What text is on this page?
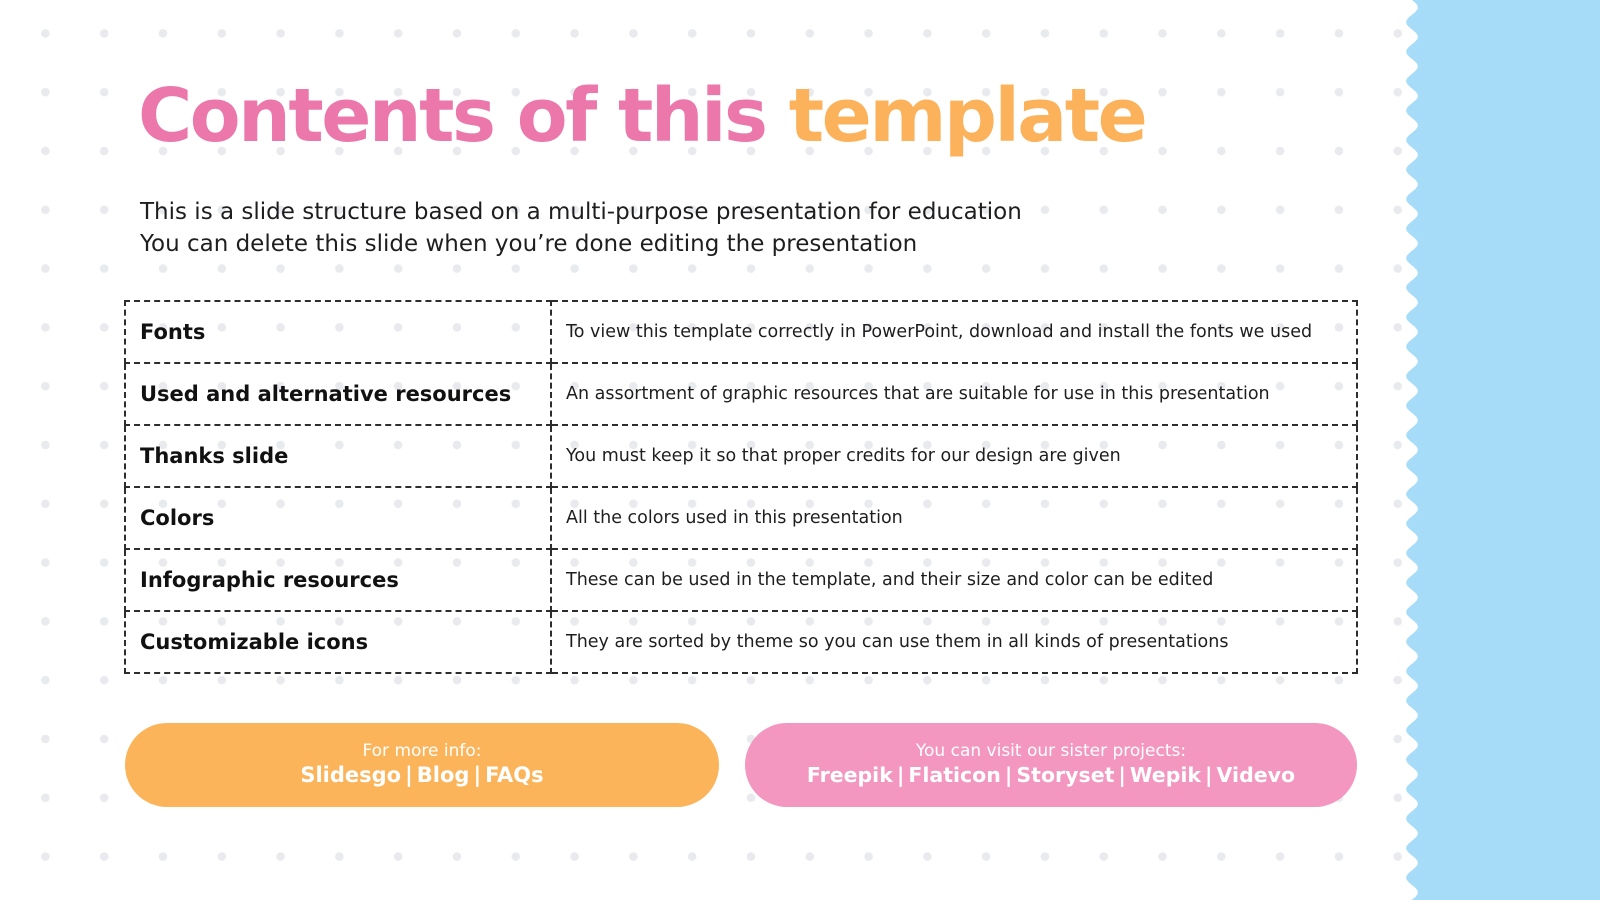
Contents of this template
This is a slide structure based on a multi-purpose presentation for education
You can delete this slide when you’re done editing the presentation
Fonts	To view this template correctly in PowerPoint, download and install the fonts we used
Used and alternative resources	An assortment of graphic resources that are suitable for use in this presentation
Thanks slide	You must keep it so that proper credits for our design are given
Colors	All the colors used in this presentation
Infographic resources	These can be used in the template, and their size and color can be edited
Customizable icons	They are sorted by theme so you can use them in all kinds of presentations
For more info:
Slidesgo | Blog | FAQs
You can visit our sister projects:
Freepik | Flaticon | Storyset | Wepik | Videvo
